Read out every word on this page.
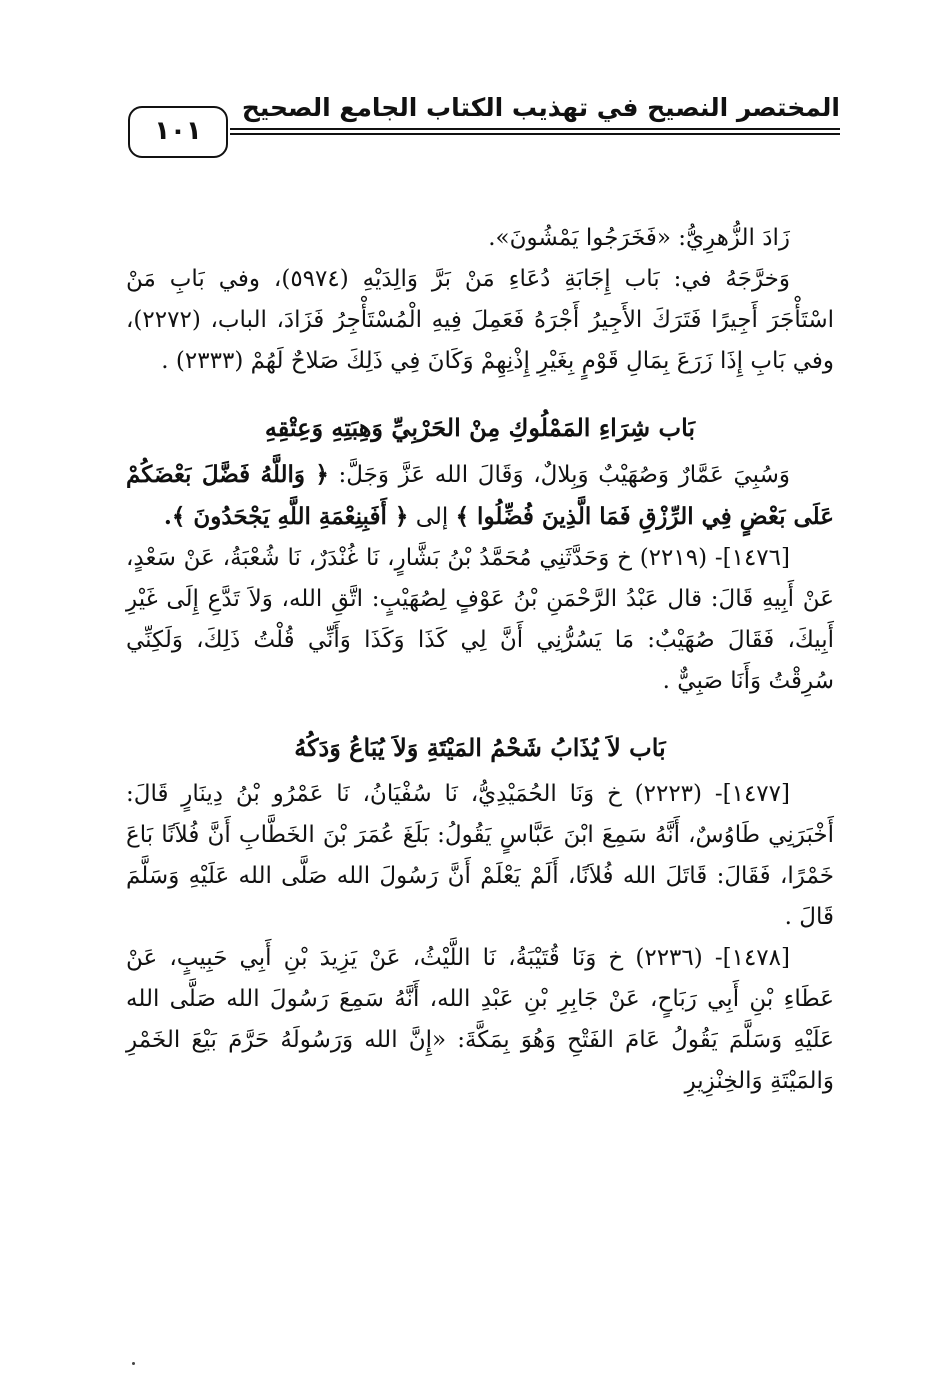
المختصر النصيح في تهذيب الكتاب الجامع الصحيح
١٠١

زَادَ الزُّهرِيُّ: «فَخَرَجُوا يَمْشُونَ».

وَخرَّجَهُ في: بَاب إِجَابَةِ دُعَاءِ مَنْ بَرَّ وَالِدَيْهِ (٥٩٧٤)، وفي بَابِ مَنْ اسْتَأْجَرَ أَجِيرًا فَتَرَكَ الأَجِيرُ أَجْرَهُ فَعَمِلَ فِيهِ الْمُسْتَأْجِرُ فَزَادَ، الباب، (٢٢٧٢)، وفي بَابِ إِذَا زَرَعَ بِمَالِ قَوْمٍ بِغَيْرِ إِذْنِهِمْ وَكَانَ فِي ذَلِكَ صَلاحٌ لَهُمْ (٢٣٣٣) .

بَاب شِرَاءِ المَمْلُوكِ مِنْ الحَرْبِيِّ وَهِبَتِهِ وَعِتْقِهِ

وَسُبِيَ عَمَّارٌ وَصُهَيْبٌ وَبِلالٌ، وَقَالَ الله عَزَّ وَجَلَّ: ﴿ وَاللَّهُ فَضَّلَ بَعْضَكُمْ عَلَى بَعْضٍ فِي الرِّزْقِ فَمَا الَّذِينَ فُضِّلُوا ﴾ إلى ﴿ أَفَبِنِعْمَةِ اللَّهِ يَجْحَدُونَ ﴾.

[١٤٧٦]- (٢٢١٩) خ وَحَدَّثَنِي مُحَمَّدُ بْنُ بَشَّارٍ، نَا غُنْدَرٌ، نَا شُعْبَةُ، عَنْ سَعْدٍ، عَنْ أَبِيهِ قَالَ: قال عَبْدُ الرَّحْمَنِ بْنُ عَوْفٍ لِصُهَيْبٍ: اتَّقِ الله، وَلاَ تَدَّعِ إِلَى غَيْرِ أَبِيكَ، فَقَالَ صُهَيْبٌ: مَا يَسُرُّنِي أَنَّ لِي كَذَا وَكَذَا وَأَنِّي قُلْتُ ذَلِكَ، وَلَكِنِّي سُرِقْتُ وَأَنَا صَبِيٌّ .

بَاب لاَ يُذَابُ شَحْمُ المَيْتَةِ وَلاَ يُبَاعُ وَدَكُهُ

[١٤٧٧]- (٢٢٢٣) خ وَنَا الحُمَيْدِيُّ، نَا سُفْيَانُ، نَا عَمْرُو بْنُ دِينَارٍ قَالَ: أَخْبَرَنِي طَاوُسٌ، أَنَّهُ سَمِعَ ابْنَ عَبَّاسٍ يَقُولُ: بَلَغَ عُمَرَ بْنَ الخَطَّابِ أَنَّ فُلاَنًا بَاعَ خَمْرًا، فَقَالَ: قَاتَلَ الله فُلاَنًا، أَلَمْ يَعْلَمْ أَنَّ رَسُولَ الله صَلَّى الله عَلَيْهِ وَسَلَّمَ قَالَ .

[١٤٧٨]- (٢٢٣٦) خ وَنَا قُتَيْبَةُ، نَا اللَّيْثُ، عَنْ يَزِيدَ بْنِ أَبِي حَبِيبٍ، عَنْ عَطَاءِ بْنِ أَبِي رَبَاحٍ، عَنْ جَابِرِ بْنِ عَبْدِ الله، أَنَّهُ سَمِعَ رَسُولَ الله صَلَّى الله عَلَيْهِ وَسَلَّمَ يَقُولُ عَامَ الفَتْحِ وَهُوَ بِمَكَّةَ: «إِنَّ الله وَرَسُولَهُ حَرَّمَ بَيْعَ الخَمْرِ وَالمَيْتَةِ وَالخِنْزِيرِ
